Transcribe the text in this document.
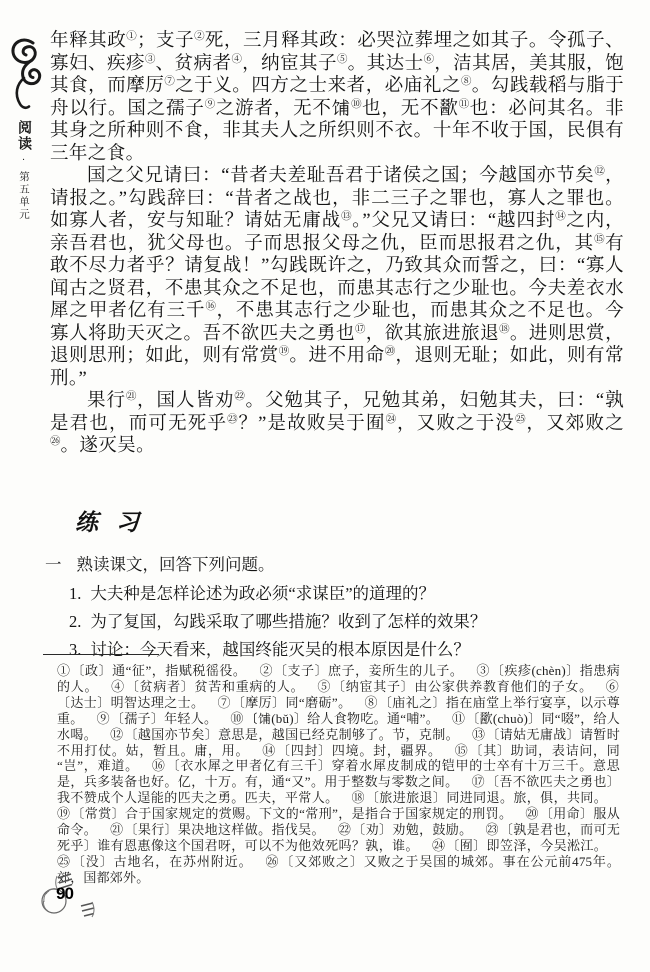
阅读·第五单元

年释其政①；支子②死，三月释其政：必哭泣葬埋之如其子。令孤子、寡妇、疾疹③、贫病者④，纳宦其子⑤。其达士⑥，洁其居，美其服，饱其食，而摩厉⑦之于义。四方之士来者，必庙礼之⑧。勾践载稻与脂于舟以行。国之孺子⑨之游者，无不𫗦⑩也，无不歠⑪也：必问其名。非其身之所种则不食，非其夫人之所织则不衣。十年不收于国，民俱有三年之食。

国之父兄请曰：“昔者夫差耻吾君于诸侯之国；今越国亦节矣⑫，请报之。”勾践辞曰：“昔者之战也，非二三子之罪也，寡人之罪也。如寡人者，安与知耻？请姑无庸战⑬。”父兄又请曰：“越四封⑭之内，亲吾君也，犹父母也。子而思报父母之仇，臣而思报君之仇，其⑮有敢不尽力者乎？请复战！”勾践既许之，乃致其众而誓之，曰：“寡人闻古之贤君，不患其众之不足也，而患其志行之少耻也。今夫差衣水犀之甲者亿有三千⑯，不患其志行之少耻也，而患其众之不足也。今寡人将助天灭之。吾不欲匹夫之勇也⑰，欲其旅进旅退⑱。进则思赏，退则思刑；如此，则有常赏⑲。进不用命⑳，退则无耻；如此，则有常刑。”

果行$^㉑$，国人皆劝$^㉒$。父勉其子，兄勉其弟，妇勉其夫，曰：“孰是君也，而可无死乎$^㉓$？”是故败吴于囿$^㉔$，又败之于没$^㉕$，又郊败之$^㉖$。遂灭吴。

练习
一 熟读课文，回答下列问题。
1. 大夫种是怎样论述为政必须“求谋臣”的道理的？
2. 为了复国，勾践采取了哪些措施？收到了怎样的效果？
3. 讨论：今天看来，越国终能灭吴的根本原因是什么？
①〔政〕通“征”，指赋税徭役。 ②〔支子〕庶子，妾所生的儿子。 ③〔疾疹(chèn)〕指患病的人。 ④〔贫病者〕贫苦和重病的人。 ⑤〔纳宦其子〕由公家供养教育他们的子女。 ⑥〔达士〕明智达理之士。 ⑦〔摩厉〕同“磨砺”。 ⑧〔庙礼之〕指在庙堂上举行宴享，以示尊重。 ⑨〔孺子〕年轻人。 ⑩〔𫗦(bǔ)〕给人食物吃。通“哺”。 ⑪〔歠(chuò)〕同“啜”，给人水喝。 ⑫〔越国亦节矣〕意思是，越国已经克制够了。节，克制。 ⑬〔请姑无庸战〕请暂时不用打仗。姑，暂且。庸，用。 ⑭〔四封〕四境。封，疆界。 ⑮〔其〕助词，表诘问，同“岂”，难道。 ⑯〔衣水犀之甲者亿有三千〕穿着水犀皮制成的铠甲的士卒有十万三千。意思是，兵多装备也好。亿，十万。有，通“又”。用于整数与零数之间。 ⑰〔吾不欲匹夫之勇也〕我不赞成个人逞能的匹夫之勇。匹夫，平常人。 ⑱〔旅进旅退〕同进同退。旅，俱，共同。⑲〔常赏〕合于国家规定的赏赐。下文的“常刑”，是指合于国家规定的刑罚。 ⑳〔用命〕服从命令。 ㉑〔果行〕果决地这样做。指伐吴。 ㉒〔劝〕劝勉，鼓励。 ㉓〔孰是君也，而可无死乎〕谁有恩惠像这个国君呀，可以不为他效死吗？孰，谁。 ㉔〔囿〕即笠泽，今吴淞江。㉕〔没〕古地名，在苏州附近。 ㉖〔又郊败之〕又败之于吴国的城郊。事在公元前475年。郊，国都郊外。
90
